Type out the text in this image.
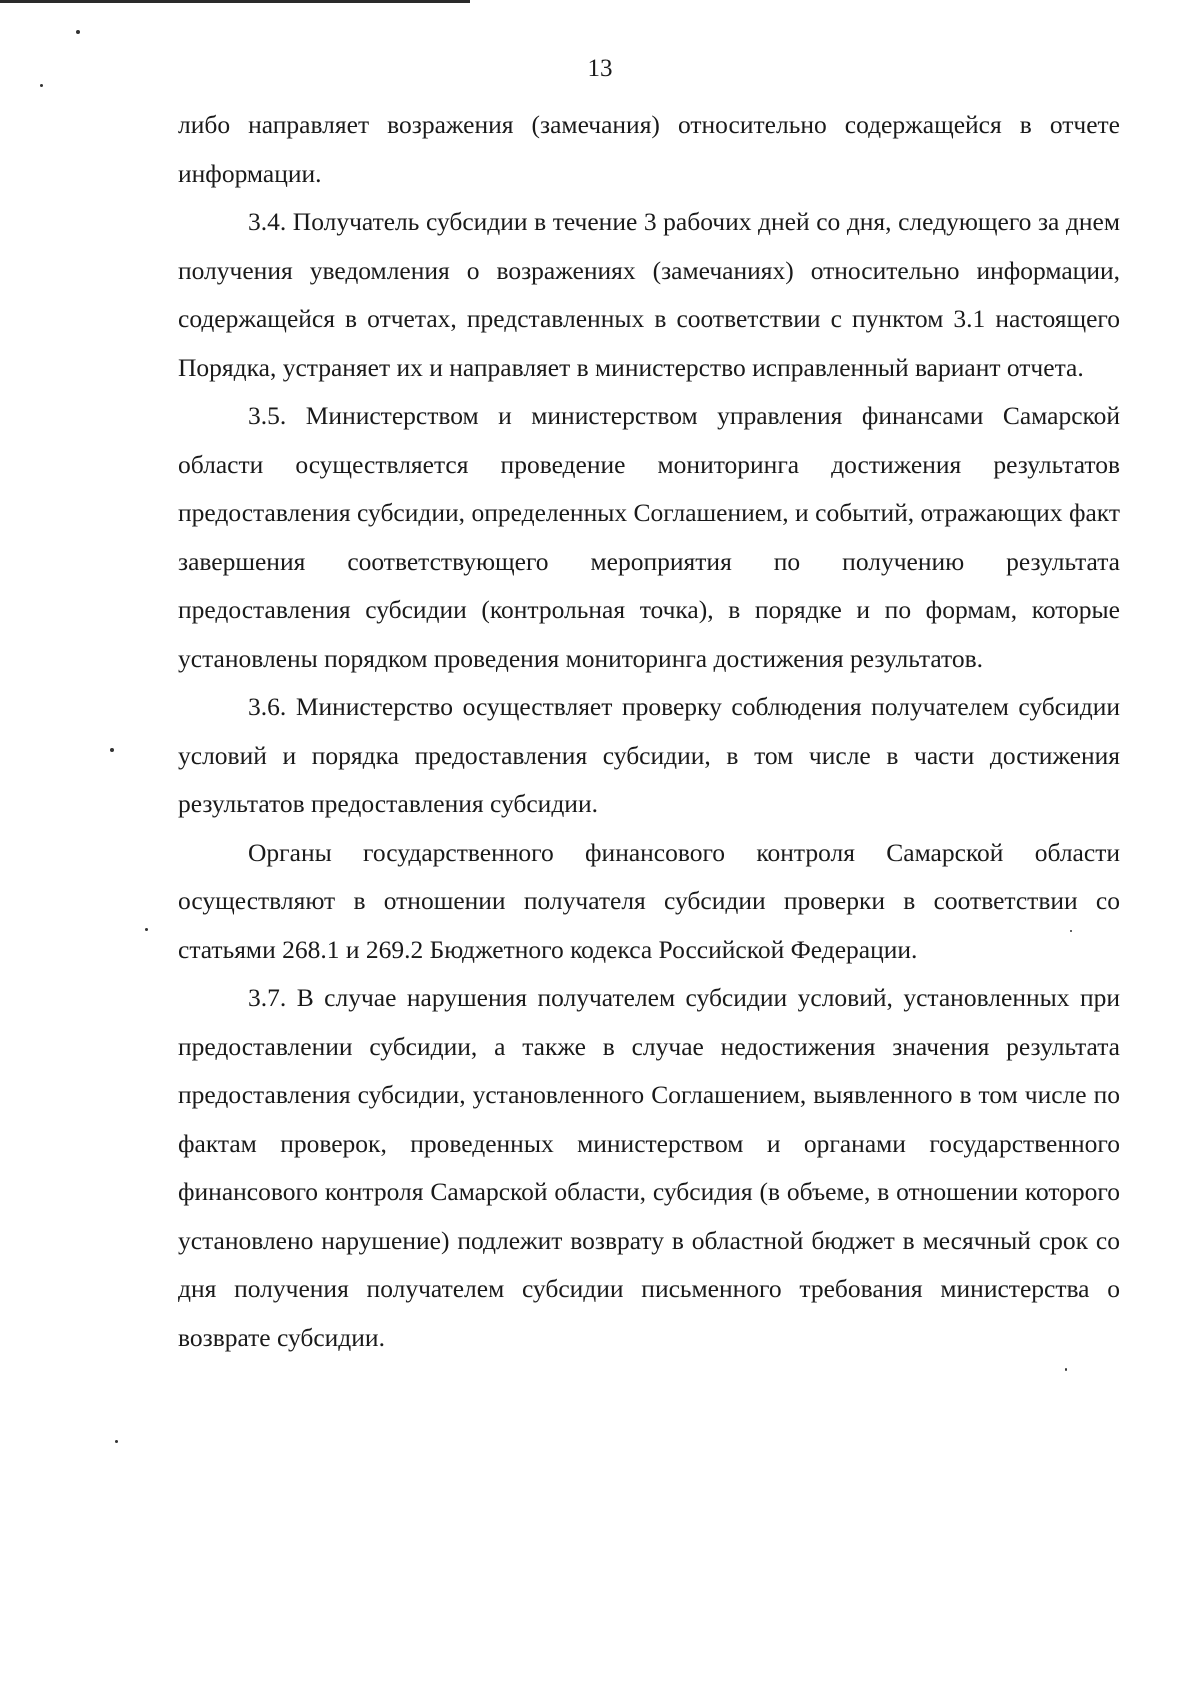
13

либо направляет возражения (замечания) относительно содержащейся в отчете информации.

3.4. Получатель субсидии в течение 3 рабочих дней со дня, следующего за днем получения уведомления о возражениях (замечаниях) относительно информации, содержащейся в отчетах, представленных в соответствии с пунктом 3.1 настоящего Порядка, устраняет их и направляет в министерство исправленный вариант отчета.

3.5. Министерством и министерством управления финансами Самарской области осуществляется проведение мониторинга достижения результатов предоставления субсидии, определенных Соглашением, и событий, отражающих факт завершения соответствующего мероприятия по получению результата предоставления субсидии (контрольная точка), в порядке и по формам, которые установлены порядком проведения мониторинга достижения результатов.

3.6. Министерство осуществляет проверку соблюдения получателем субсидии условий и порядка предоставления субсидии, в том числе в части достижения результатов предоставления субсидии.

Органы государственного финансового контроля Самарской области осуществляют в отношении получателя субсидии проверки в соответствии со статьями 268.1 и 269.2 Бюджетного кодекса Российской Федерации.

3.7. В случае нарушения получателем субсидии условий, установленных при предоставлении субсидии, а также в случае недостижения значения результата предоставления субсидии, установленного Соглашением, выявленного в том числе по фактам проверок, проведенных министерством и органами государственного финансового контроля Самарской области, субсидия (в объеме, в отношении которого установлено нарушение) подлежит возврату в областной бюджет в месячный срок со дня получения получателем субсидии письменного требования министерства о возврате субсидии.
